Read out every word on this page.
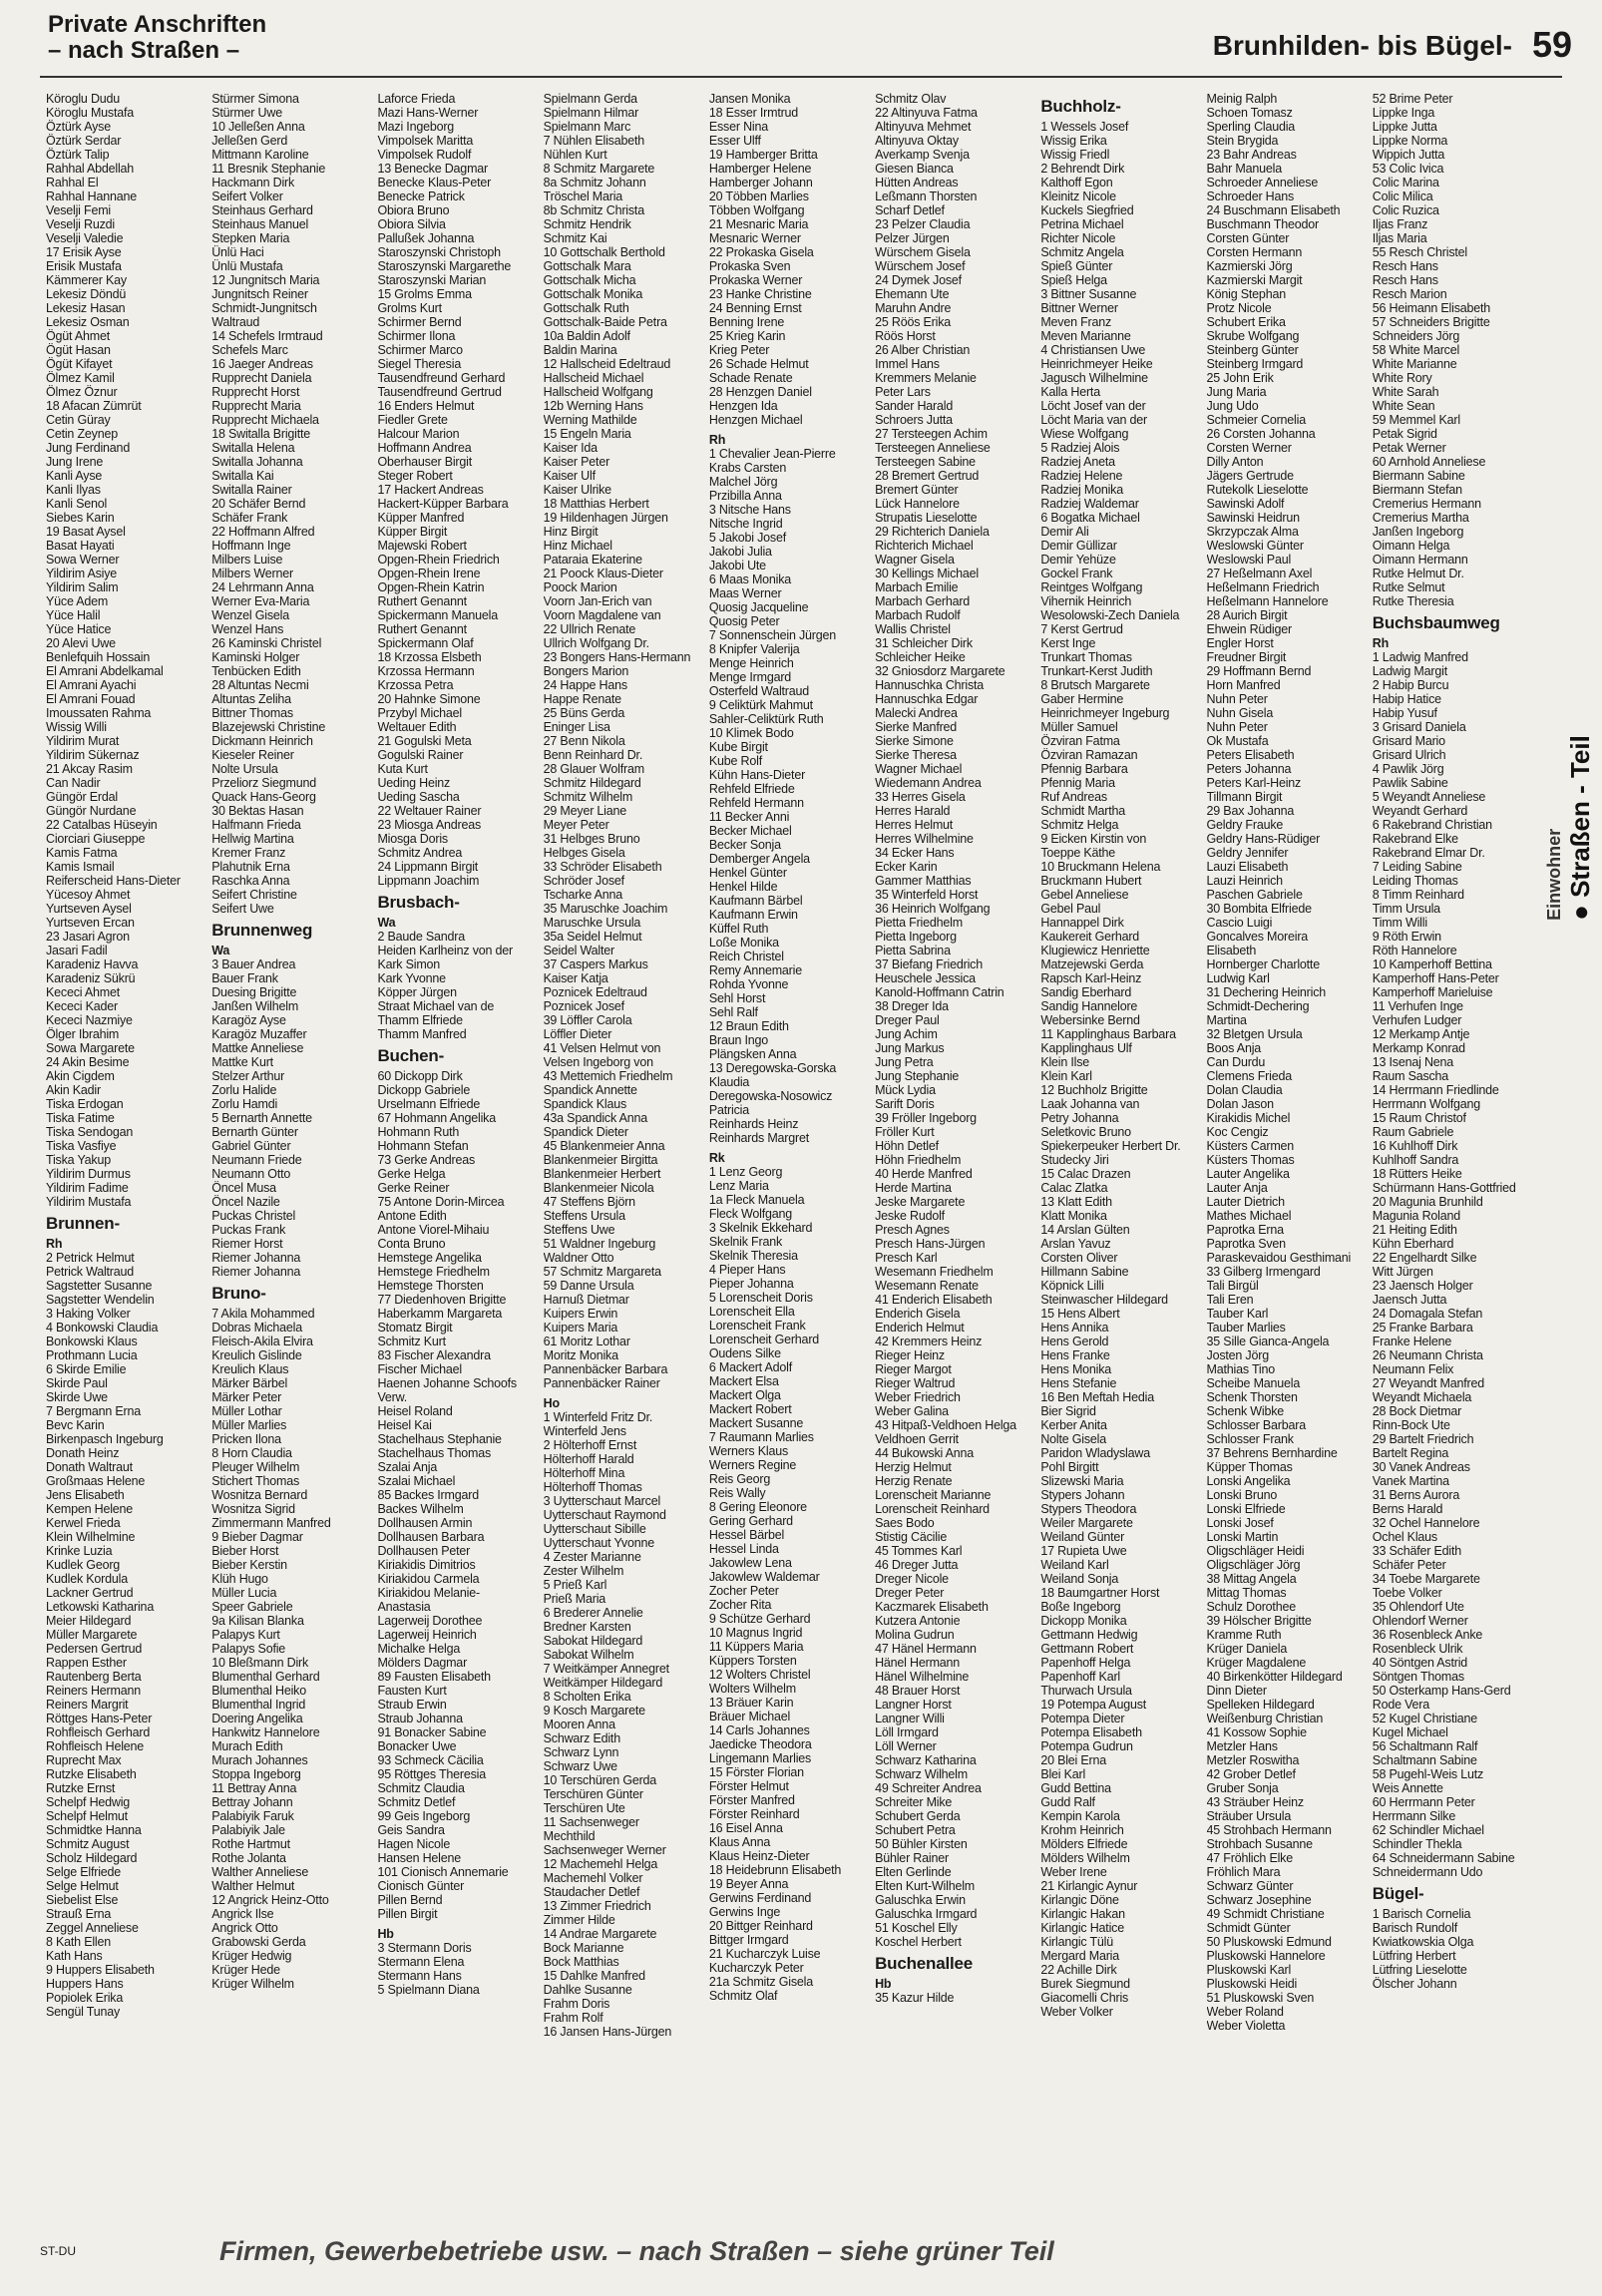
Private Anschriften
– nach Straßen –	Brunhilden- bis Bügel- 59
Köroglu Dudu
Köroglu Mustafa
Öztürk Ayse
Öztürk Serdar
Öztürk Talip
Rahhal Abdellah
Rahhal El
Rahhal Hannane
Veselji Femi
Veselji Ruzdi
Veselji Valedie
17 Erisik Ayse
Erisik Mustafa
Kämmerer Kay
Lekesiz Döndü
Lekesiz Hasan
Lekesiz Osman
Ögüt Ahmet
Ögüt Hasan
Ögüt Kifayet
Ölmez Kamil
Ölmez Öznur
18 Afacan Zümrüt
Cetin Güray
Cetin Zeynep
Jung Ferdinand
Jung Irene
Kanli Ayse
Kanli Ilyas
Kanli Senol
Siebes Karin
19 Basat Aysel
Basat Hayati
Sowa Werner
Yildirim Asiye
Yildirim Salim
Yüce Adem
Yüce Halil
Yüce Hatice
20 Alevi Uwe
Benlefquih Hossain
El Amrani Abdelkamal
El Amrani Ayachi
El Amrani Fouad
Imoussaten Rahma
Wissig Willi
Yildirim Murat
Yildirim Sükernaz
21 Akcay Rasim
Can Nadir
Güngör Erdal
Güngör Nurdane
22 Catalbas Hüseyin
Ciorciari Giuseppe
Kamis Fatma
Kamis Ismail
Reiferscheid Hans-Dieter
Yücesoy Ahmet
Yurtseven Aysel
Yurtseven Ercan
23 Jasari Agron
Jasari Fadil
Karadeniz Havva
Karadeniz Sükrü
Kececi Ahmet
Kececi Kader
Kececi Nazmiye
Ölger Ibrahim
Sowa Margarete
24 Akin Besime
Akin Cigdem
Akin Kadir
Tiska Erdogan
Tiska Fatime
Tiska Sendogan
Tiska Vasfiye
Tiska Yakup
Yildirim Durmus
Yildirim Fadime
Yildirim Mustafa
Brunnen-
Rh
2 Petrick Helmut
Petrick Waltraud
Sagstetter Susanne
Sagstetter Wendelin
3 Haking Volker
4 Bonkowski Claudia
Bonkowski Klaus
Prothmann Lucia
6 Skirde Emilie
Skirde Paul
Skirde Uwe
7 Bergmann Erna
Bevc Karin
Birkenpasch Ingeburg
Donath Heinz
Donath Waltraut
Großmaas Helene
Jens Elisabeth
Kempen Helene
Kerwel Frieda
Klein Wilhelmine
Krinke Luzia
Kudlek Georg
Kudlek Kordula
Lackner Gertrud
Letkowski Katharina
Meier Hildegard
Müller Margarete
Pedersen Gertrud
Rappen Esther
Rautenberg Berta
Reiners Hermann
Reiners Margrit
Röttges Hans-Peter
Rohfleisch Gerhard
Rohfleisch Helene
Ruprecht Max
Rutzke Elisabeth
Rutzke Ernst
Schelpf Hedwig
Schelpf Helmut
Schmidtke Hanna
Schmitz August
Scholz Hildegard
Selge Elfriede
Selge Helmut
Siebelist Else
Strauß Erna
Zeggel Anneliese
8 Kath Ellen
Kath Hans
9 Huppers Elisabeth
Huppers Hans
Popiolek Erika
Sengül Tunay
Stürmer Simona
Stürmer Uwe
10 Jelleßen Anna
Jelleßen Gerd
Mittmann Karoline
11 Bresnik Stephanie
Hackmann Dirk
Seifert Volker
Steinhaus Gerhard
Steinhaus Manuel
Stepken Maria
Ünlü Haci
Ünlü Mustafa
12 Jungnitsch Maria
Jungnitsch Reiner
Schmidt-Jungnitsch
Waltraud
14 Schefels Irmtraud
Schefels Marc
16 Jaeger Andreas
Rupprecht Daniela
Rupprecht Horst
Rupprecht Maria
Rupprecht Michaela
18 Switalla Brigitte
Switalla Helena
Switalla Johanna
Switalla Kai
Switalla Rainer
20 Schäfer Bernd
Schäfer Frank
22 Hoffmann Alfred
Hoffmann Inge
Milbers Luise
Milbers Werner
24 Lehrmann Anna
Werner Eva-Maria
Wenzel Gisela
Wenzel Hans
26 Kaminski Christel
Kaminski Holger
Tenbücken Edith
28 Altuntas Necmi
Altuntas Zeliha
Bittner Thomas
Blazejewski Christine
Dickmann Heinrich
Kieseler Reiner
Nolte Ursula
Przeliorz Siegmund
Quack Hans-Georg
30 Bektas Hasan
Halfmann Frieda
Hellwig Martina
Kremer Franz
Plahutnik Erna
Raschka Anna
Seifert Christine
Seifert Uwe
Brunnenweg
Wa
3 Bauer Andrea
Bauer Frank
Duesing Brigitte
Janßen Wilhelm
Karagöz Ayse
Karagöz Muzaffer
Mattke Anneliese
Mattke Kurt
Stelzer Arthur
Zorlu Halide
Zorlu Hamdi
5 Bernarth Annette
Bernarth Günter
Gabriel Günter
Neumann Friede
Neumann Otto
Öncel Musa
Öncel Nazile
Puckas Christel
Puckas Frank
Riemer Horst
Riemer Johanna
Riemer Johanna
Bruno-
7 Akila Mohammed
Dobras Michaela
Fleisch-Akila Elvira
Kreulich Gislinde
Kreulich Klaus
Märker Bärbel
Märker Peter
Müller Lothar
Müller Marlies
Pricken Ilona
8 Horn Claudia
Pleuger Wilhelm
Stichert Thomas
Wosnitza Bernard
Wosnitza Sigrid
Zimmermann Manfred
9 Bieber Dagmar
Bieber Horst
Bieber Kerstin
Klüh Hugo
Müller Lucia
Speer Gabriele
9a Kilisan Blanka
Palapys Kurt
Palapys Sofie
10 Bleßmann Dirk
Blumenthal Gerhard
Blumenthal Heiko
Blumenthal Ingrid
Doering Angelika
Hankwitz Hannelore
Murach Edith
Murach Johannes
Stoppa Ingeborg
11 Bettray Anna
Bettray Johann
Palabiyik Faruk
Palabiyik Jale
Rothe Hartmut
Rothe Jolanta
Walther Anneliese
Walther Helmut
12 Angrick Heinz-Otto
Angrick Ilse
Angrick Otto
Grabowski Gerda
Krüger Hedwig
Krüger Hede
Krüger Wilhelm
Laforce Frieda
Mazi Hans-Werner
Mazi Ingeborg
Vimpolsek Maritta
Vimpolsek Rudolf
13 Benecke Dagmar
Benecke Klaus-Peter
Benecke Patrick
Obiora Bruno
Obiora Silvia
Pallußek Johanna
Staroszynski Christoph
Staroszynski Margarethe
Staroszynski Marian
15 Grolms Emma
Grolms Kurt
Schirmer Bernd
Schirmer Ilona
Schirmer Marco
Siegel Theresia
Tausendfreund Gerhard
Tausendfreund Gertrud
16 Enders Helmut
Fiedler Grete
Halcour Marion
Hoffmann Andrea
Oberhauser Birgit
Steger Robert
17 Hackert Andreas
Hackert-Küpper Barbara
Küpper Manfred
Küpper Birgit
Majewski Robert
Opgen-Rhein Friedrich
Opgen-Rhein Irene
Opgen-Rhein Katrin
Ruthert Genannt
Spickermann Manuela
Ruthert Genannt
Spickermann Olaf
18 Krzossa Elsbeth
Krzossa Hermann
Krzossa Petra
20 Hahnke Simone
Przybyl Michael
Weltauer Edith
21 Gogulski Meta
Gogulski Rainer
Kuta Kurt
Ueding Heinz
Ueding Sascha
22 Weltauer Rainer
23 Miosga Andreas
Miosga Doris
Schmitz Andrea
24 Lippmann Birgit
Lippmann Joachim
Brusbach-
Wa
2 Baude Sandra
Heiden Karlheinz von der
Kark Simon
Kark Yvonne
Köpper Jürgen
Straat Michael van de
Thamm Elfriede
Thamm Manfred
Buchen-
60 Dickopp Dirk
Dickopp Gabriele
Urselmann Elfriede
67 Hohmann Angelika
Hohmann Ruth
Hohmann Stefan
73 Gerke Andreas
Gerke Helga
Gerke Reiner
75 Antone Dorin-Mircea
Antone Edith
Antone Viorel-Mihaiu
Conta Bruno
Hemstege Angelika
Hemstege Friedhelm
Hemstege Thorsten
77 Diedenhoven Brigitte
Haberkamm Margareta
Stomatz Birgit
Schmitz Kurt
83 Fischer Alexandra
Fischer Michael
Haenen Johanne Schoofs
Verw.
Heisel Roland
Heisel Kai
Stachelhaus Stephanie
Stachelhaus Thomas
Szalai Anja
Szalai Michael
85 Backes Irmgard
Backes Wilhelm
Dollhausen Armin
Dollhausen Barbara
Dollhausen Peter
Kiriakidis Dimitrios
Kiriakidou Carmela
Kiriakidou Melanie-
Anastasia
Lagerweij Dorothee
Lagerweij Heinrich
Michalke Helga
Mölders Dagmar
89 Fausten Elisabeth
Fausten Kurt
Straub Erwin
Straub Johanna
91 Bonacker Sabine
Bonacker Uwe
93 Schmeck Cäcilia
95 Röttges Theresia
Schmitz Claudia
Schmitz Detlef
99 Geis Ingeborg
Geis Sandra
Hagen Nicole
Hansen Helene
101 Cionisch Annemarie
Cionisch Günter
Pillen Bernd
Pillen Birgit
Hb
3 Stermann Doris
Stermann Elena
Stermann Hans
5 Spielmann Diana
Spielmann Gerda
Spielmann Hilmar
Spielmann Marc
7 Nühlen Elisabeth
Nühlen Kurt
8 Schmitz Margarete
8a Schmitz Johann
Tröschel Maria
8b Schmitz Christa
Schmitz Hendrik
Schmitz Kai
10 Gottschalk Berthold
Gottschalk Mara
Gottschalk Micha
Gottschalk Monika
Gottschalk Ruth
Gottschalk-Baide Petra
10a Baldin Adolf
Baldin Marina
12 Hallscheid Edeltraud
Hallscheid Michael
Hallscheid Wolfgang
12b Werning Hans
Werning Mathilde
15 Engeln Maria
Kaiser Ida
Kaiser Peter
Kaiser Ulf
Kaiser Ulrike
18 Matthias Herbert
19 Hildenhagen Jürgen
Hinz Birgit
Hinz Michael
Pataraia Ekaterine
21 Poock Klaus-Dieter
Poock Marion
Voorn Jan-Erich van
Voorn Magdalene van
22 Ullrich Renate
Ullrich Wolfgang Dr.
23 Bongers Hans-Hermann
Bongers Marion
24 Happe Hans
Happe Renate
25 Büns Gerda
Eninger Lisa
27 Benn Nikola
Benn Reinhard Dr.
28 Glauer Wolfram
Schmitz Hildegard
Schmitz Wilhelm
29 Meyer Liane
Meyer Peter
31 Helbges Bruno
Helbges Gisela
33 Schröder Elisabeth
Schröder Josef
Tscharke Anna
35 Maruschke Joachim
Maruschke Ursula
35a Seidel Helmut
Seidel Walter
37 Caspers Markus
Kaiser Katja
Poznicek Edeltraud
Poznicek Josef
39 Löffler Carola
Löffler Dieter
41 Velsen Helmut von
Velsen Ingeborg von
43 Mettemich Friedhelm
Spandick Annette
Spandick Klaus
43a Spandick Anna
Spandick Dieter
45 Blankenmeier Anna
Blankenmeier Birgitta
Blankenmeier Herbert
Blankenmeier Nicola
47 Steffens Björn
Steffens Ursula
Steffens Uwe
51 Waldner Ingeburg
Waldner Otto
57 Schmitz Margareta
59 Danne Ursula
Harnuß Dietmar
Kuipers Erwin
Kuipers Maria
61 Moritz Lothar
Moritz Monika
Pannenbäcker Barbara
Pannenbäcker Rainer
Ho
1 Winterfeld Fritz Dr.
Winterfeld Jens
2 Hölterhoff Ernst
Hölterhoff Harald
Hölterhoff Mina
Hölterhoff Thomas
3 Uytterschaut Marcel
Uytterschaut Raymond
Uytterschaut Sibille
Uytterschaut Yvonne
4 Zester Marianne
Zester Wilhelm
5 Prieß Karl
Prieß Maria
6 Brederer Annelie
Bredner Karsten
Sabokat Hildegard
Sabokat Wilhelm
7 Weitkämper Annegret
Weitkämper Hildegard
8 Scholten Erika
9 Kosch Margarete
Mooren Anna
Schwarz Edith
Schwarz Lynn
Schwarz Uwe
10 Terschüren Gerda
Terschüren Günter
Terschüren Ute
11 Sachsenweger
Mechthild
Sachsenweger Werner
12 Machemehl Helga
Machemehl Volker
Staudacher Detlef
13 Zimmer Friedrich
Zimmer Hilde
14 Andrae Margarete
Bock Marianne
Bock Matthias
15 Dahlke Manfred
Dahlke Susanne
Frahm Doris
Frahm Rolf
16 Jansen Hans-Jürgen
Jansen Monika
18 Esser Irmtrud
Esser Nina
Esser Ulff
19 Hamberger Britta
Hamberger Helene
Hamberger Johann
20 Többen Marlies
Többen Wolfgang
21 Mesnaric Maria
Mesnaric Werner
22 Prokaska Gisela
Prokaska Sven
Prokaska Werner
23 Hanke Christine
24 Benning Ernst
Benning Irene
25 Krieg Karin
Krieg Peter
26 Schade Helmut
Schade Renate
28 Henzgen Daniel
Henzgen Ida
Henzgen Michael
Rh
1 Chevalier Jean-Pierre
Krabs Carsten
Malchel Jörg
Przibilla Anna
3 Nitsche Hans
Nitsche Ingrid
5 Jakobi Josef
Jakobi Julia
Jakobi Ute
6 Maas Monika
Maas Werner
Quosig Jacqueline
Quosig Peter
7 Sonnenschein Jürgen
8 Knipfer Valerija
Menge Heinrich
Menge Irmgard
Osterfeld Waltraud
9 Celiktürk Mahmut
Sahler-Celiktürk Ruth
10 Klimek Bodo
Kube Birgit
Kube Rolf
Kühn Hans-Dieter
Rehfeld Elfriede
Rehfeld Hermann
11 Becker Anni
Becker Michael
Becker Sonja
Demberger Angela
Henkel Günter
Henkel Hilde
Kaufmann Bärbel
Kaufmann Erwin
Küffel Ruth
Loße Monika
Reich Christel
Remy Annemarie
Rohda Yvonne
Sehl Horst
Sehl Ralf
12 Braun Edith
Braun Ingo
Plängsken Anna
13 Deregowska-Gorska
Klaudia
Deregowska-Nosowicz
Patricia
Reinhards Heinz
Reinhards Margret
Rk
1 Lenz Georg
Lenz Maria
1a Fleck Manuela
Fleck Wolfgang
3 Skelnik Ekkehard
Skelnik Frank
Skelnik Theresia
4 Pieper Hans
Pieper Johanna
5 Lorenscheit Doris
Lorenscheit Ella
Lorenscheit Frank
Lorenscheit Gerhard
Oudens Silke
6 Mackert Adolf
Mackert Elsa
Mackert Olga
Mackert Robert
Mackert Susanne
7 Raumann Marlies
Werners Klaus
Werners Regine
Reis Georg
Reis Wally
8 Gering Eleonore
Gering Gerhard
Hessel Bärbel
Hessel Linda
Jakowlew Lena
Jakowlew Waldemar
Zocher Peter
Zocher Rita
9 Schütze Gerhard
10 Magnus Ingrid
11 Küppers Maria
Küppers Torsten
12 Wolters Christel
Wolters Wilhelm
13 Bräuer Karin
Bräuer Michael
14 Carls Johannes
Jaedicke Theodora
Lingemann Marlies
15 Förster Florian
Förster Helmut
Förster Manfred
Förster Reinhard
16 Eisel Anna
Klaus Anna
Klaus Heinz-Dieter
18 Heidebrunn Elisabeth
19 Beyer Anna
Gerwins Ferdinand
Gerwins Inge
20 Bittger Reinhard
Bittger Irmgard
21 Kucharczyk Luise
Kucharczyk Peter
21a Schmitz Gisela
Schmitz Olaf
Schmitz Olav
22 Altinyuva Fatma
Altinyuva Mehmet
Altinyuva Oktay
Averkamp Svenja
Giesen Bianca
Hütten Andreas
Leßmann Thorsten
Scharf Detlef
23 Pelzer Claudia
Pelzer Jürgen
Würschem Gisela
Würschem Josef
24 Dymek Josef
Ehemann Ute
Maruhn Andre
25 Röös Erika
Röös Horst
26 Alber Christian
Immel Hans
Kremmers Melanie
Peter Lars
Sander Harald
Schroers Jutta
27 Tersteegen Achim
Tersteegen Anneliese
Tersteegen Sabine
28 Bremert Gertrud
Bremert Günter
Lück Hannelore
Strupatis Lieselotte
29 Richterich Daniela
Richterich Michael
Wagner Gisela
30 Kellings Michael
Marbach Emilie
Marbach Gerhard
Marbach Rudolf
Wallis Christel
31 Schleicher Dirk
Schleicher Heike
32 Gniosdorz Margarete
Hannuschka Christa
Hannuschka Edgar
Malecki Andrea
Sierke Manfred
Sierke Simone
Sierke Theresa
Wagner Michael
Wiedemann Andrea
33 Herres Gisela
Herres Harald
Herres Helmut
Herres Wilhelmine
34 Ecker Hans
Ecker Karin
Gammer Matthias
35 Winterfeld Horst
36 Heinrich Wolfgang
Pietta Friedhelm
Pietta Ingeborg
Pietta Sabrina
37 Biefang Friedrich
Heuschele Jessica
Kanold-Hoffmann Catrin
38 Dreger Ida
Dreger Paul
Jung Achim
Jung Markus
Jung Petra
Jung Stephanie
Mück Lydia
Sarift Doris
39 Fröller Ingeborg
Fröller Kurt
Höhn Detlef
Höhn Friedhelm
40 Herde Manfred
Herde Martina
Jeske Margarete
Jeske Rudolf
Presch Agnes
Presch Hans-Jürgen
Presch Karl
Wesemann Friedhelm
Wesemann Renate
41 Enderich Elisabeth
Enderich Gisela
Enderich Helmut
42 Kremmers Heinz
Rieger Heinz
Rieger Margot
Rieger Waltrud
Weber Friedrich
Weber Galina
43 Hitpaß-Veldhoen Helga
Veldhoen Gerrit
44 Bukowski Anna
Herzig Helmut
Herzig Renate
Lorenscheit Marianne
Lorenscheit Reinhard
Saes Bodo
Stistig Cäcilie
45 Tommes Karl
46 Dreger Jutta
Dreger Nicole
Dreger Peter
Kaczmarek Elisabeth
Kutzera Antonie
Molina Gudrun
47 Hänel Hermann
Hänel Hermann
Hänel Wilhelmine
48 Brauer Horst
Langner Horst
Langner Willi
Löll Irmgard
Löll Werner
Schwarz Katharina
Schwarz Wilhelm
49 Schreiter Andrea
Schreiter Mike
Schubert Gerda
Schubert Petra
50 Bühler Kirsten
Bühler Rainer
Elten Gerlinde
Elten Kurt-Wilhelm
Galuschka Erwin
Galuschka Irmgard
51 Koschel Elly
Koschel Herbert
Buchenallee
Hb
35 Kazur Hilde
Buchholz-
1 Wessels Josef
Wissig Erika
Wissig Friedl
2 Behrendt Dirk
Kalthoff Egon
Kleinitz Nicole
Kuckels Siegfried
Petrina Michael
Richter Nicole
Schmitz Angela
Spieß Günter
Spieß Helga
3 Bittner Susanne
Bittner Werner
Meven Franz
Meven Marianne
4 Christiansen Uwe
Heinrichmeyer Heike
Jagusch Wilhelmine
Kalla Herta
Löcht Josef van der
Löcht Maria van der
Wiese Wolfgang
5 Radziej Alois
Radziej Aneta
Radziej Helene
Radziej Monika
Radziej Waldemar
6 Bogatka Michael
Demir Ali
Demir Güllizar
Demir Yehüze
Gockel Frank
Reintges Wolfgang
Vihernik Heinrich
Wesolowski-Zech Daniela
7 Kerst Gertrud
Kerst Inge
Trunkart Thomas
Trunkart-Kerst Judith
8 Brutsch Margarete
Gaber Hermine
Heinrichmeyer Ingeburg
Müller Samuel
Özviran Fatma
Özviran Ramazan
Pfennig Barbara
Pfennig Maria
Ruf Andreas
Schmidt Martha
Schmitz Helga
9 Eicken Kirstin von
Toeppe Käthe
10 Bruckmann Helena
Bruckmann Hubert
Gebel Anneliese
Gebel Paul
Hannappel Dirk
Kaukereit Gerhard
Klugiewicz Henriette
Matzejewski Gerda
Rapsch Karl-Heinz
Sandig Eberhard
Sandig Hannelore
Webersinke Bernd
11 Kapplinghaus Barbara
Kapplinghaus Ulf
Klein Ilse
Klein Karl
12 Buchholz Brigitte
Laak Johanna van
Petry Johanna
Seletkovic Bruno
Spiekerpeuker Herbert Dr.
Studecky Jiri
15 Calac Drazen
Calac Zlatka
13 Klatt Edith
Klatt Monika
14 Arslan Gülten
Arslan Yavuz
Corsten Oliver
Hillmann Sabine
Köpnick Lilli
Steinwascher Hildegard
15 Hens Albert
Hens Annika
Hens Gerold
Hens Franke
Hens Monika
Hens Stefanie
16 Ben Meftah Hedia
Bier Sigrid
Kerber Anita
Nolte Gisela
Paridon Wladyslawa
Pohl Birgitt
Slizewski Maria
Stypers Johann
Stypers Theodora
Weiler Margarete
Weiland Günter
17 Rupieta Uwe
Weiland Karl
Weiland Sonja
18 Baumgartner Horst
Boße Ingeborg
Dickopp Monika
Gettmann Hedwig
Gettmann Robert
Papenhoff Helga
Papenhoff Karl
Thurwach Ursula
19 Potempa August
Potempa Dieter
Potempa Elisabeth
Potempa Gudrun
20 Blei Erna
Blei Karl
Gudd Bettina
Gudd Ralf
Kempin Karola
Krohm Heinrich
Mölders Elfriede
Mölders Wilhelm
Weber Irene
21 Kirlangic Aynur
Kirlangic Döne
Kirlangic Hakan
Kirlangic Hatice
Kirlangic Tülü
Mergard Maria
22 Achille Dirk
Burek Siegmund
Giacomelli Chris
Weber Volker
Meinig Ralph
Schoen Tomasz
Sperling Claudia
Stein Brygida
23 Bahr Andreas
Bahr Manuela
Schroeder Anneliese
Schroeder Hans
24 Buschmann Elisabeth
Buschmann Theodor
Corsten Günter
Corsten Hermann
Kazmierski Jörg
Kazmierski Margit
König Stephan
Protz Nicole
Schubert Erika
Skrube Wolfgang
Steinberg Günter
Steinberg Irmgard
25 John Erik
Jung Maria
Jung Udo
Schmeier Cornelia
26 Corsten Johanna
Corsten Werner
Dilly Anton
Jägers Gertrude
Rutekolk Lieselotte
Sawinski Adolf
Sawinski Heidrun
Skrzypczak Alma
Weslowski Günter
Weslowski Paul
27 Heßelmann Axel
Heßelmann Friedrich
Heßelmann Hannelore
28 Aurich Birgit
Ehwein Rüdiger
Engler Horst
Freudner Birgit
29 Hoffmann Bernd
Horn Manfred
Nuhn Peter
Nuhn Gisela
Nuhn Peter
Ok Mustafa
Peters Elisabeth
Peters Johanna
Peters Karl-Heinz
Tillmann Birgit
29 Bax Johanna
Geldry Frauke
Geldry Hans-Rüdiger
Geldry Jennifer
Lauzi Elisabeth
Lauzi Heinrich
Paschen Gabriele
30 Bombita Elfriede
Cascio Luigi
Goncalves Moreira
Elisabeth
Hornberger Charlotte
Ludwig Karl
31 Dechering Heinrich
Schmidt-Dechering
Martina
32 Bletgen Ursula
Boos Anja
Can Durdu
Clemens Frieda
Dolan Claudia
Dolan Jason
Kirakidis Michel
Koc Cengiz
Küsters Carmen
Küsters Thomas
Lauter Angelika
Lauter Anja
Lauter Dietrich
Mathes Michael
Paprotka Erna
Paprotka Sven
Paraskevaidou Gesthimani
33 Gilberg Irmengard
Tali Birgül
Tali Eren
Tauber Karl
Tauber Marlies
35 Sille Gianca-Angela
Josten Jörg
Mathias Tino
Scheibe Manuela
Schenk Thorsten
Schenk Wibke
Schlosser Barbara
Schlosser Frank
37 Behrens Bernhardine
Küpper Thomas
Lonski Angelika
Lonski Bruno
Lonski Elfriede
Lonski Josef
Lonski Martin
Oligschläger Heidi
Oligschläger Jörg
38 Mittag Angela
Mittag Thomas
Schulz Dorothee
39 Hölscher Brigitte
Kramme Ruth
Krüger Daniela
Krüger Magdalene
40 Birkenkötter Hildegard
Dinn Dieter
Spelleken Hildegard
Weißenburg Christian
41 Kossow Sophie
Metzler Hans
Metzler Roswitha
42 Grober Detlef
Gruber Sonja
43 Sträuber Heinz
Sträuber Ursula
45 Strohbach Hermann
Strohbach Susanne
47 Fröhlich Elke
Fröhlich Mara
Schwarz Günter
Schwarz Josephine
49 Schmidt Christiane
Schmidt Günter
50 Pluskowski Edmund
Pluskowski Hannelore
Pluskowski Karl
Pluskowski Heidi
51 Pluskowski Sven
Weber Roland
Weber Violetta
52 Brime Peter
Lippke Inga
Lippke Jutta
Lippke Norma
Wippich Jutta
53 Colic Ivica
Colic Marina
Colic Milica
Colic Ruzica
Iljas Franz
Iljas Maria
55 Resch Christel
Resch Hans
Resch Hans
Resch Marion
56 Heimann Elisabeth
57 Schneiders Brigitte
Schneiders Jörg
58 White Marcel
White Marianne
White Rory
White Sarah
White Sean
59 Memmel Karl
Petak Sigrid
Petak Werner
60 Arnhold Anneliese
Biermann Sabine
Biermann Stefan
Cremerius Hermann
Cremerius Martha
Janßen Ingeborg
Oimann Helga
Oimann Hermann
Rutke Helmut Dr.
Rutke Selmut
Rutke Theresia
Buchsbaumweg
Rh
1 Ladwig Manfred
Ladwig Margit
2 Habip Burcu
Habip Hatice
Habip Yusuf
3 Grisard Daniela
Grisard Mario
Grisard Ulrich
4 Pawlik Jörg
Pawlik Sabine
5 Weyandt Anneliese
Weyandt Gerhard
6 Rakebrand Christian
Rakebrand Elke
Rakebrand Elmar Dr.
7 Leiding Sabine
Leiding Thomas
8 Timm Reinhard
Timm Ursula
Timm Willi
9 Röth Erwin
Röth Hannelore
10 Kamperhoff Bettina
Kamperhoff Hans-Peter
Kamperhoff Marieluise
11 Verhufen Inge
Verhufen Ludger
12 Merkamp Antje
Merkamp Konrad
13 Isenaj Nena
Raum Sascha
14 Herrmann Friedlinde
Herrmann Wolfgang
15 Raum Christof
Raum Gabriele
16 Kuhlhoff Dirk
Kuhlhoff Sandra
18 Rütters Heike
Schürmann Hans-Gottfried
20 Magunia Brunhild
Magunia Roland
21 Heiting Edith
Kühn Eberhard
22 Engelhardt Silke
Witt Jürgen
23 Jaensch Holger
Jaensch Jutta
24 Domagala Stefan
25 Franke Barbara
Franke Helene
26 Neumann Christa
Neumann Felix
27 Weyandt Manfred
Weyandt Michaela
28 Bock Dietmar
Rinn-Bock Ute
29 Bartelt Friedrich
Bartelt Regina
30 Vanek Andreas
Vanek Martina
31 Berns Aurora
Berns Harald
32 Ochel Hannelore
Ochel Klaus
33 Schäfer Edith
Schäfer Peter
34 Toebe Margarete
Toebe Volker
35 Ohlendorf Ute
Ohlendorf Werner
36 Rosenbleck Anke
Rosenbleck Ulrik
40 Söntgen Astrid
Söntgen Thomas
50 Osterkamp Hans-Gerd
Rode Vera
52 Kugel Christiane
Kugel Michael
56 Schaltmann Ralf
Schaltmann Sabine
58 Pugehl-Weis Lutz
Weis Annette
60 Herrmann Peter
Herrmann Silke
62 Schindler Michael
Schindler Thekla
64 Schneidermann Sabine
Schneidermann Udo
Bügel-
1 Barisch Cornelia
Barisch Rundolf
Kwiatkowskia Olga
Lütfring Herbert
Lütfring Lieselotte
Ölscher Johann
Einwohner ● Straßen - Teil
ST-DU	Firmen, Gewerbebetriebe usw. – nach Straßen – siehe grüner Teil
